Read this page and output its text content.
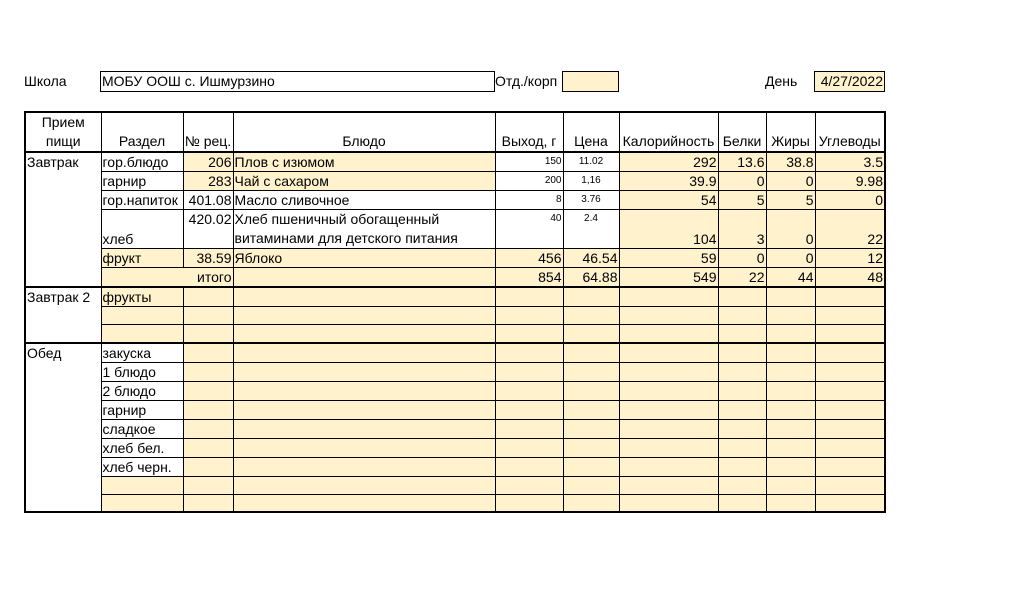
Школа	МОБУ ООШ с. Ишмурзино	Отд./корп	День	4/27/2022
Прием пищи	Раздел	№ рец.	Блюдо	Выход, г	Цена	Калорийность	Белки	Жиры	Углеводы
Завтрак	гор.блюдо	206	Плов с изюмом	150	11.02	292	13.6	38.8	3.5
	гарнир	283	Чай с сахаром	200	1,16	39.9	0	0	9.98
	гор.напиток	401.08	Масло сливочное	8	3.76	54	5	5	0
	хлеб	420.02	Хлеб пшеничный обогащенный витаминами для детского питания	40	2.4	104	3	0	22
	фрукт	38.59	Яблоко	456	46.54	59	0	0	12
	итого			854	64.88	549	22	44	48
Завтрак 2	фрукты								

Обед	закуска								
	1 блюдо								
	2 блюдо								
	гарнир								
	сладкое								
	хлеб бел.								
	хлеб черн.								
